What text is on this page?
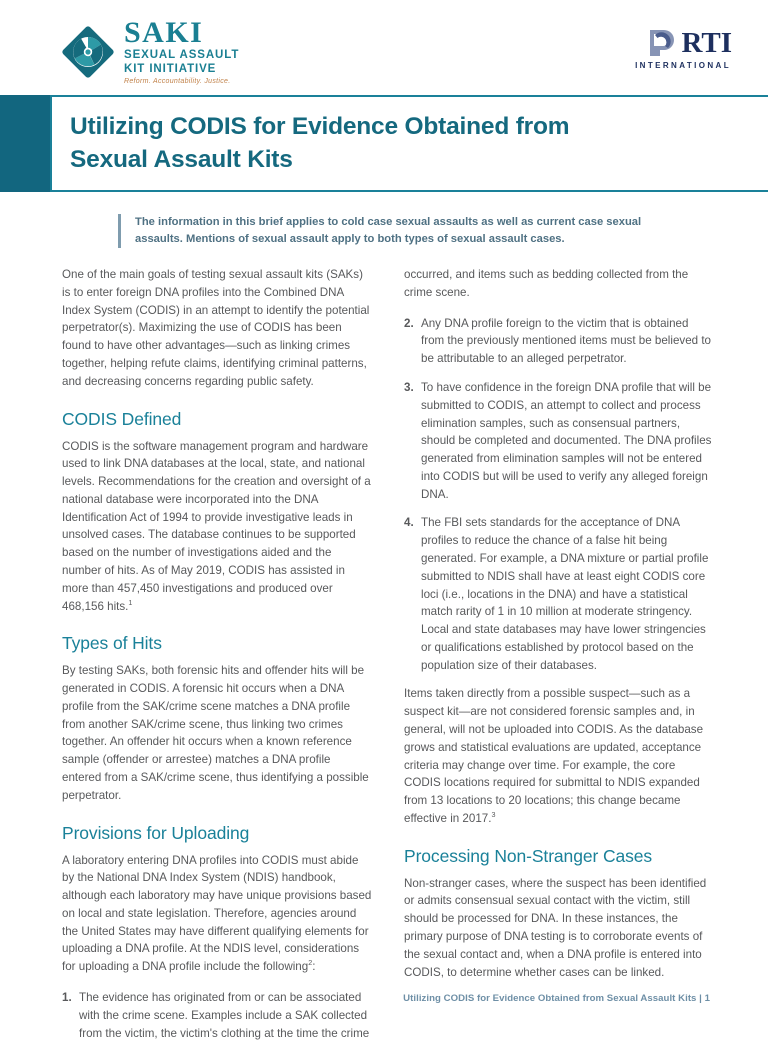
SAKI
SEXUAL ASSAULT
KIT INITIATIVE
Reform. Accountability. Justice.
RTI
INTERNATIONAL
Utilizing CODIS for Evidence Obtained from
Sexual Assault Kits
The information in this brief applies to cold case sexual assaults as well as current case sexual assaults. Mentions of sexual assault apply to both types of sexual assault cases.

One of the main goals of testing sexual assault kits (SAKs) is to enter foreign DNA profiles into the Combined DNA Index System (CODIS) in an attempt to identify the potential perpetrator(s). Maximizing the use of CODIS has been found to have other advantages—such as linking crimes together, helping refute claims, identifying criminal patterns, and decreasing concerns regarding public safety.

CODIS Defined

CODIS is the software management program and hardware used to link DNA databases at the local, state, and national levels. Recommendations for the creation and oversight of a national database were incorporated into the DNA Identification Act of 1994 to provide investigative leads in unsolved cases. The database continues to be supported based on the number of investigations aided and the number of hits. As of May 2019, CODIS has assisted in more than 457,450 investigations and produced over 468,156 hits.$^1$

Types of Hits

By testing SAKs, both forensic hits and offender hits will be generated in CODIS. A forensic hit occurs when a DNA profile from the SAK/crime scene matches a DNA profile from another SAK/crime scene, thus linking two crimes together. An offender hit occurs when a known reference sample (offender or arrestee) matches a DNA profile entered from a SAK/crime scene, thus identifying a possible perpetrator.

Provisions for Uploading

A laboratory entering DNA profiles into CODIS must abide by the National DNA Index System (NDIS) handbook, although each laboratory may have unique provisions based on local and state legislation. Therefore, agencies around the United States may have different qualifying elements for uploading a DNA profile. At the NDIS level, considerations for uploading a DNA profile include the following$^2$:

1. The evidence has originated from or can be associated with the crime scene. Examples include a SAK collected from the victim, the victim's clothing at the time the crime

occurred, and items such as bedding collected from the crime scene.

2. Any DNA profile foreign to the victim that is obtained from the previously mentioned items must be believed to be attributable to an alleged perpetrator.
3. To have confidence in the foreign DNA profile that will be submitted to CODIS, an attempt to collect and process elimination samples, such as consensual partners, should be completed and documented. The DNA profiles generated from elimination samples will not be entered into CODIS but will be used to verify any alleged foreign DNA.
4. The FBI sets standards for the acceptance of DNA profiles to reduce the chance of a false hit being generated. For example, a DNA mixture or partial profile submitted to NDIS shall have at least eight CODIS core loci (i.e., locations in the DNA) and have a statistical match rarity of 1 in 10 million at moderate stringency. Local and state databases may have lower stringencies or qualifications established by protocol based on the population size of their databases.

Items taken directly from a possible suspect—such as a suspect kit—are not considered forensic samples and, in general, will not be uploaded into CODIS. As the database grows and statistical evaluations are updated, acceptance criteria may change over time. For example, the core CODIS locations required for submittal to NDIS expanded from 13 locations to 20 locations; this change became effective in 2017.$^3$

Processing Non-Stranger Cases

Non-stranger cases, where the suspect has been identified or admits consensual sexual contact with the victim, still should be processed for DNA. In these instances, the primary purpose of DNA testing is to corroborate events of the sexual contact and, when a DNA profile is entered into CODIS, to determine whether cases can be linked.

Utilizing CODIS for Evidence Obtained from Sexual Assault Kits | 1
